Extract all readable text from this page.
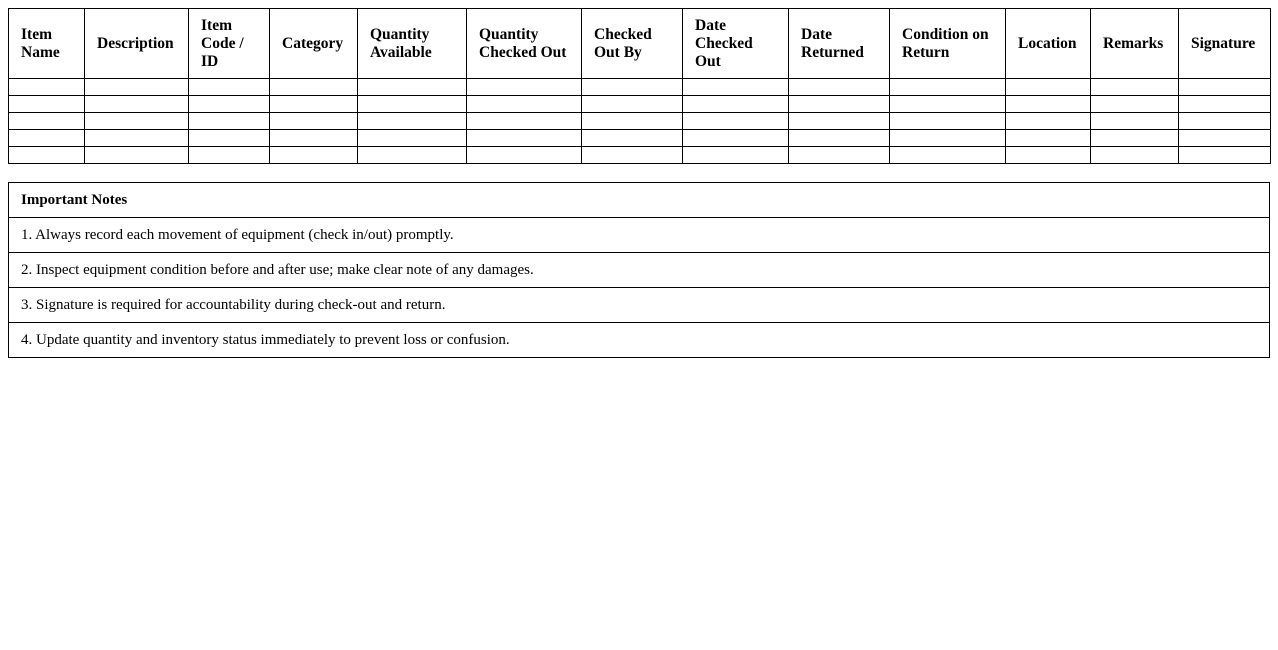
Item Name	Description	Item Code / ID	Category	Quantity Available	Quantity Checked Out	Checked Out By	Date Checked Out	Date Returned	Condition on Return	Location	Remarks	Signature

Important Notes
1. Always record each movement of equipment (check in/out) promptly.
2. Inspect equipment condition before and after use; make clear note of any damages.
3. Signature is required for accountability during check-out and return.
4. Update quantity and inventory status immediately to prevent loss or confusion.
